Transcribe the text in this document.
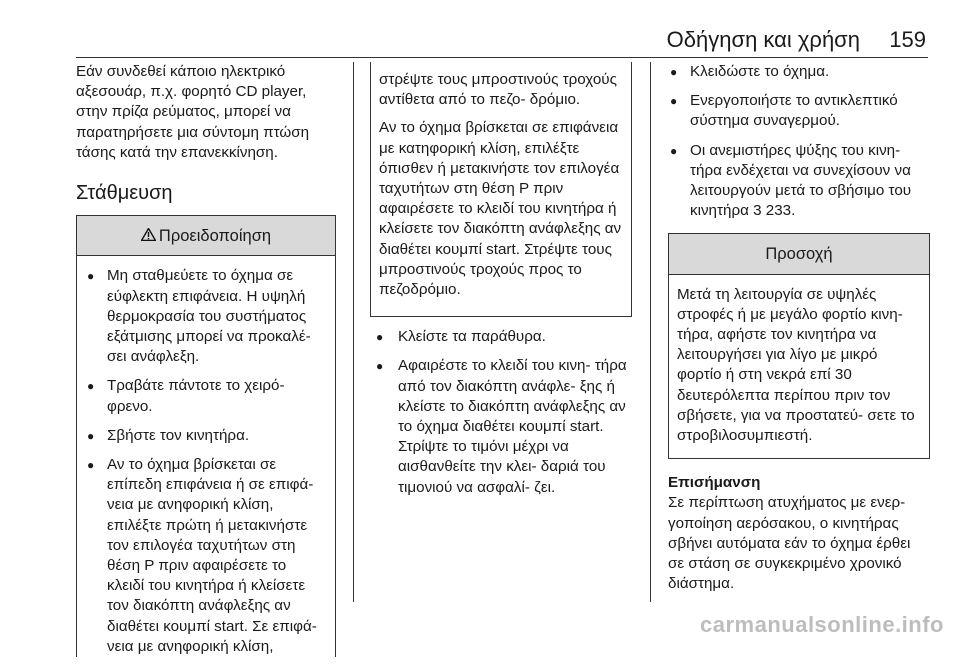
Οδήγηση και χρήση 159

Εάν συνδεθεί κάποιο ηλεκτρικό αξεσουάρ, π.χ. φορητό CD player, στην πρίζα ρεύματος, μπορεί να παρατηρήσετε μια σύντομη πτώση τάσης κατά την επανεκκίνηση.

Στάθμευση
Προειδοποίηση
● Μη σταθμεύετε το όχημα σε εύφλεκτη επιφάνεια. Η υψηλή θερμοκρασία του συστήματος εξάτμισης μπορεί να προκαλέ- σει ανάφλεξη.
● Τραβάτε πάντοτε το χειρό- φρενο.
● Σβήστε τον κινητήρα.
● Αν το όχημα βρίσκεται σε επίπεδη επιφάνεια ή σε επιφά- νεια με ανηφορική κλίση, επιλέξτε πρώτη ή μετακινήστε τον επιλογέα ταχυτήτων στη θέση P πριν αφαιρέσετε το κλειδί του κινητήρα ή κλείσετε τον διακόπτη ανάφλεξης αν διαθέτει κουμπί start. Σε επιφά- νεια με ανηφορική κλίση,

στρέψτε τους μπροστινούς τροχούς αντίθετα από το πεζο- δρόμιο.

Αν το όχημα βρίσκεται σε επιφάνεια με κατηφορική κλίση, επιλέξτε όπισθεν ή μετακινήστε τον επιλογέα ταχυτήτων στη θέση P πριν αφαιρέσετε το κλειδί του κινητήρα ή κλείσετε τον διακόπτη ανάφλεξης αν διαθέτει κουμπί start. Στρέψτε τους μπροστινούς τροχούς προς το πεζοδρόμιο.

● Κλείστε τα παράθυρα.
● Αφαιρέστε το κλειδί του κινη- τήρα από τον διακόπτη ανάφλε- ξης ή κλείστε το διακόπτη ανάφλεξης αν το όχημα διαθέτει κουμπί start. Στρίψτε το τιμόνι μέχρι να αισθανθείτε την κλει- δαριά του τιμονιού να ασφαλί- ζει.
● Κλειδώστε το όχημα.
● Ενεργοποιήστε το αντικλεπτικό σύστημα συναγερμού.
● Οι ανεμιστήρες ψύξης του κινη- τήρα ενδέχεται να συνεχίσουν να λειτουργούν μετά το σβήσιμο του κινητήρα 3 233.
Προσοχή

Μετά τη λειτουργία σε υψηλές στροφές ή με μεγάλο φορτίο κινη- τήρα, αφήστε τον κινητήρα να λειτουργήσει για λίγο με μικρό φορτίο ή στη νεκρά επί 30 δευτερόλεπτα περίπου πριν τον σβήσετε, για να προστατεύ- σετε το στροβιλοσυμπιεστή.

Επισήμανση

Σε περίπτωση ατυχήματος με ενερ- γοποίηση αερόσακου, ο κινητήρας σβήνει αυτόματα εάν το όχημα έρθει σε στάση σε συγκεκριμένο χρονικό διάστημα.

carmanualsonline.info
